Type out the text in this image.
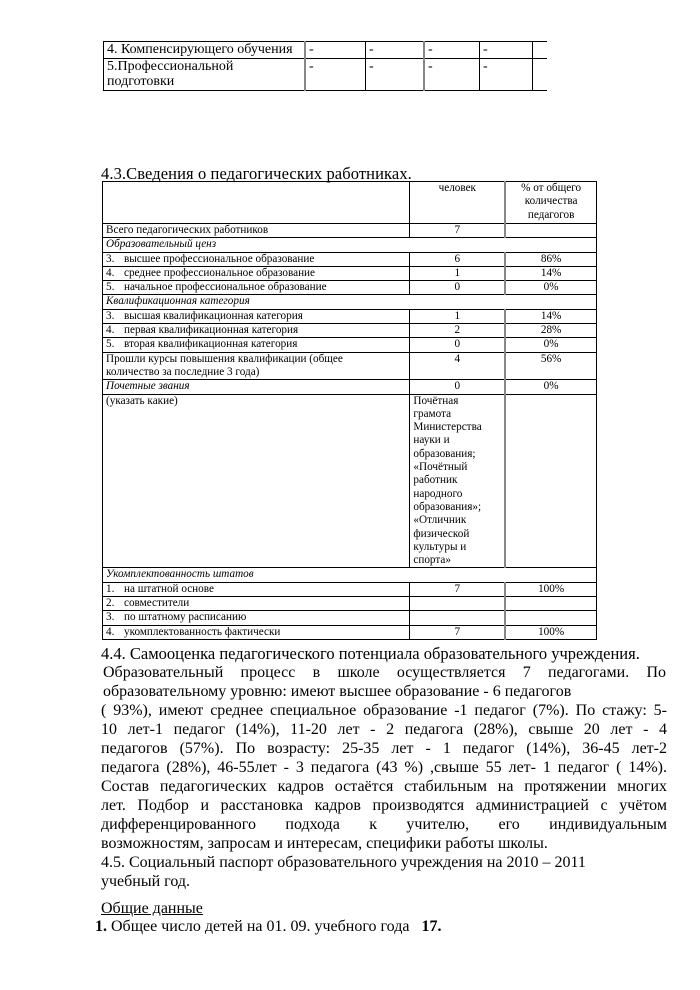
4. Компенсирующего обучения	-	-	-	-	

5.Профессиональной
подготовки	-	-	-	-	
4.3.Сведения о педагогических работниках.
	человек	% от общего
количества
педагогов

Всего педагогических работников	7	
Образовательный ценз		
3. высшее профессиональное образование	6	86%
4. среднее профессиональное образование	1	14%
5. начальное профессиональное образование	0	0%
Квалификационная категория		
3. высшая квалификационная категория	1	14%
4. первая квалификационная категория	2	28%
5. вторая квалификационная категория	0	0%

Прошли курсы повышения квалификации (общее
количество за последние 3 года)	4	56%
Почетные звания	0	0%
(указать какие)	Почётная
грамота
Министерства
науки и
образования;
«Почётный
работник
народного
образования»;
«Отличник
физической
культуры и
спорта»

Укомплектованность штатов		
1. на штатной основе	7	100%
2. совместители		
3. по штатному расписанию		
4. укомплектованность фактически	7	100%
4.4. Самооценка педагогического потенциала образовательного учреждения.
Образовательный процесс в школе осуществляется 7 педагогами. По
образовательному уровню: имеют высшее образование - 6 педагогов
( 93%), имеют среднее специальное образование -1 педагог (7%). По стажу: 5-
10 лет-1 педагог (14%), 11-20 лет - 2 педагога (28%), свыше 20 лет - 4
педагогов (57%). По возрасту: 25-35 лет - 1 педагог (14%), 36-45 лет-2
педагога (28%), 46-55лет - 3 педагога (43 %) ,свыше 55 лет- 1 педагог ( 14%).
Состав педагогических кадров остаётся стабильным на протяжении многих
лет. Подбор и расстановка кадров производятся администрацией с учётом
дифференцированного подхода к учителю, его индивидуальным
возможностям, запросам и интересам, специфики работы школы.
4.5. Социальный паспорт образовательного учреждения на 2010 – 2011
учебный год.
Общие данные
1. Общее число детей на 01. 09. учебного года 17.
